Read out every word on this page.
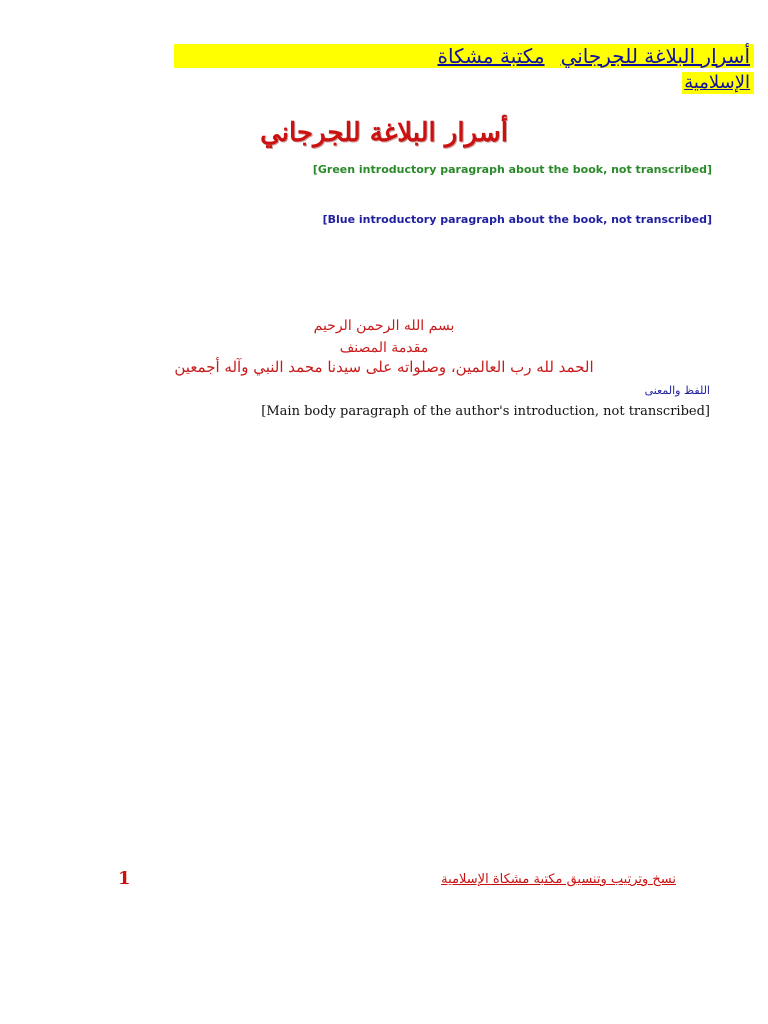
أسرار البلاغة للجرجاني
مكتبة مشكاة
الإسلامية
أسرار البلاغة للجرجاني
[Green introductory paragraph about the book, not transcribed]
[Blue introductory paragraph about the book, not transcribed]
بسم الله الرحمن الرحيم
مقدمة المصنف
الحمد لله رب العالمين، وصلواته على سيدنا محمد النبي وآله أجمعين
اللفظ والمعنى
[Main body paragraph of the author's introduction, not transcribed]
1	نسخ وترتيب وتنسيق مكتبة مشكاة الإسلامية
